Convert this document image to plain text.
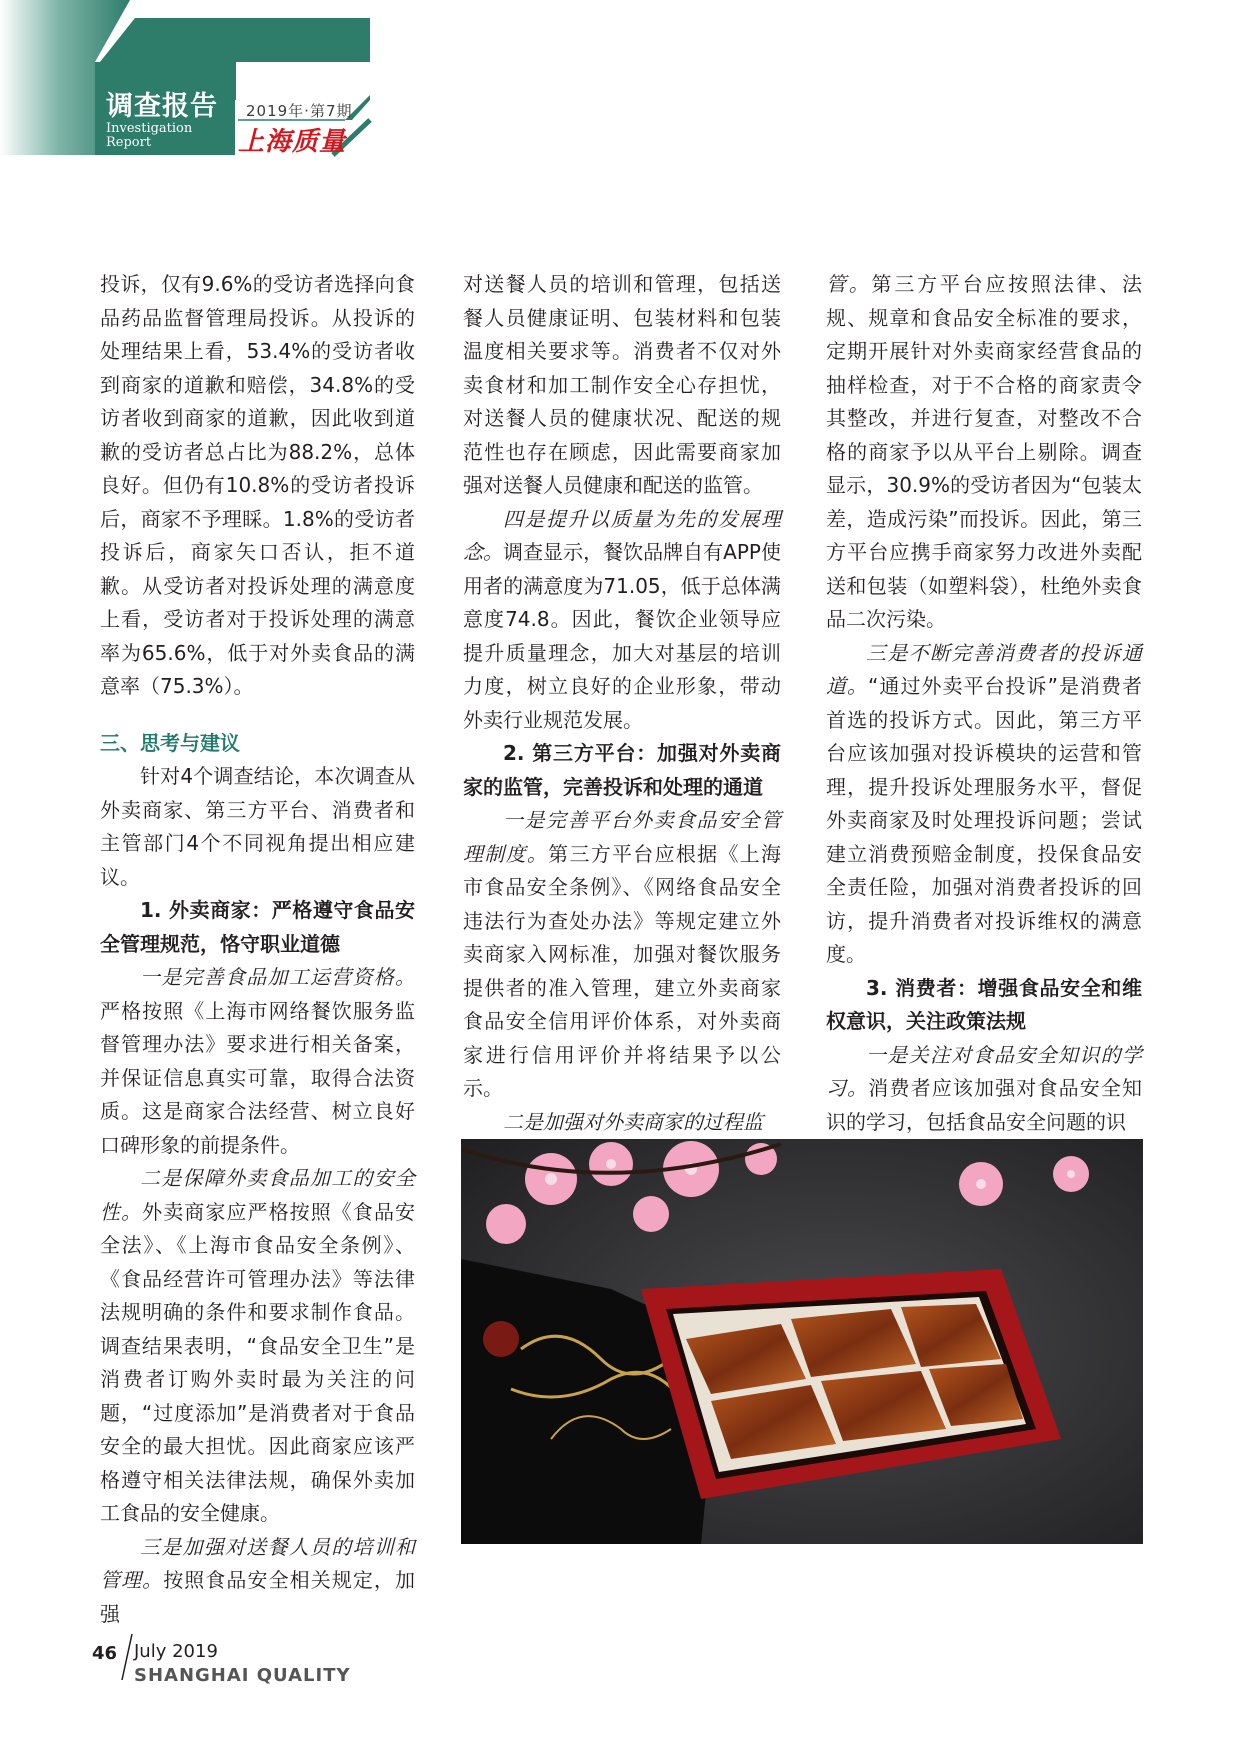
调查报告
Investigation
Report
2019年·第7期
上海质量

投诉，仅有9.6%的受访者选择向食品药品监督管理局投诉。从投诉的处理结果上看，53.4%的受访者收到商家的道歉和赔偿，34.8%的受访者收到商家的道歉，因此收到道歉的受访者总占比为88.2%，总体良好。但仍有10.8%的受访者投诉后，商家不予理睬。1.8%的受访者投诉后，商家矢口否认，拒不道歉。从受访者对投诉处理的满意度上看，受访者对于投诉处理的满意率为65.6%，低于对外卖食品的满意率（75.3%）。

三、思考与建议

针对4个调查结论，本次调查从外卖商家、第三方平台、消费者和主管部门4个不同视角提出相应建议。

1. 外卖商家：严格遵守食品安全管理规范，恪守职业道德

一是完善食品加工运营资格。严格按照《上海市网络餐饮服务监督管理办法》要求进行相关备案，并保证信息真实可靠，取得合法资质。这是商家合法经营、树立良好口碑形象的前提条件。

二是保障外卖食品加工的安全性。外卖商家应严格按照《食品安全法》、《上海市食品安全条例》、《食品经营许可管理办法》等法律法规明确的条件和要求制作食品。调查结果表明，“食品安全卫生”是消费者订购外卖时最为关注的问题，“过度添加”是消费者对于食品安全的最大担忧。因此商家应该严格遵守相关法律法规，确保外卖加工食品的安全健康。

三是加强对送餐人员的培训和管理。按照食品安全相关规定，加强

对送餐人员的培训和管理，包括送餐人员健康证明、包装材料和包装温度相关要求等。消费者不仅对外卖食材和加工制作安全心存担忧，对送餐人员的健康状况、配送的规范性也存在顾虑，因此需要商家加强对送餐人员健康和配送的监管。

四是提升以质量为先的发展理念。调查显示，餐饮品牌自有APP使用者的满意度为71.05，低于总体满意度74.8。因此，餐饮企业领导应提升质量理念，加大对基层的培训力度，树立良好的企业形象，带动外卖行业规范发展。

2. 第三方平台：加强对外卖商家的监管，完善投诉和处理的通道

一是完善平台外卖食品安全管理制度。第三方平台应根据《上海市食品安全条例》、《网络食品安全违法行为查处办法》等规定建立外卖商家入网标准，加强对餐饮服务提供者的准入管理，建立外卖商家食品安全信用评价体系，对外卖商家进行信用评价并将结果予以公示。

二是加强对外卖商家的过程监

管。第三方平台应按照法律、法规、规章和食品安全标准的要求，定期开展针对外卖商家经营食品的抽样检查，对于不合格的商家责令其整改，并进行复查，对整改不合格的商家予以从平台上剔除。调查显示，30.9%的受访者因为“包装太差，造成污染”而投诉。因此，第三方平台应携手商家努力改进外卖配送和包装（如塑料袋），杜绝外卖食品二次污染。

三是不断完善消费者的投诉通道。“通过外卖平台投诉”是消费者首选的投诉方式。因此，第三方平台应该加强对投诉模块的运营和管理，提升投诉处理服务水平，督促外卖商家及时处理投诉问题；尝试建立消费预赔金制度，投保食品安全责任险，加强对消费者投诉的回访，提升消费者对投诉维权的满意度。

3. 消费者：增强食品安全和维权意识，关注政策法规

一是关注对食品安全知识的学习。消费者应该加强对食品安全知识的学习，包括食品安全问题的识

46 July 2019
SHANGHAI QUALITY
